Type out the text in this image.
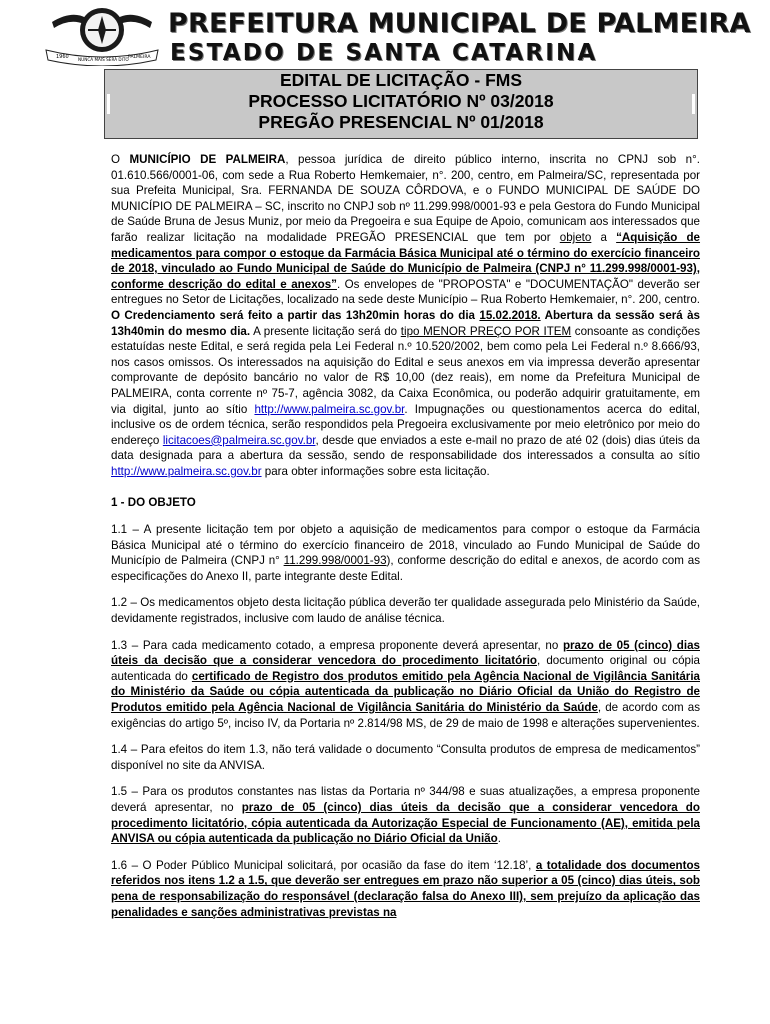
1960 NUNCA MAIS SERÁ DITO PALMEIRA
PREFEITURA MUNICIPAL DE PALMEIRA
ESTADO DE SANTA CATARINA
EDITAL DE LICITAÇÃO - FMS
PROCESSO LICITATÓRIO Nº 03/2018
PREGÃO PRESENCIAL Nº 01/2018

O MUNICÍPIO DE PALMEIRA, pessoa jurídica de direito público interno, inscrita no CPNJ sob n°. 01.610.566/0001-06, com sede a Rua Roberto Hemkemaier, n°. 200, centro, em Palmeira/SC, representada por sua Prefeita Municipal, Sra. FERNANDA DE SOUZA CÔRDOVA, e o FUNDO MUNICIPAL DE SAÚDE DO MUNICÍPIO DE PALMEIRA – SC, inscrito no CNPJ sob nº 11.299.998/0001-93 e pela Gestora do Fundo Municipal de Saúde Bruna de Jesus Muniz, por meio da Pregoeira e sua Equipe de Apoio, comunicam aos interessados que farão realizar licitação na modalidade PREGÃO PRESENCIAL que tem por objeto a “Aquisição de medicamentos para compor o estoque da Farmácia Básica Municipal até o término do exercício financeiro de 2018, vinculado ao Fundo Municipal de Saúde do Município de Palmeira (CNPJ n° 11.299.998/0001-93), conforme descrição do edital e anexos”. Os envelopes de "PROPOSTA" e "DOCUMENTAÇÃO" deverão ser entregues no Setor de Licitações, localizado na sede deste Município – Rua Roberto Hemkemaier, n°. 200, centro. O Credenciamento será feito a partir das 13h20min horas do dia 15.02.2018. Abertura da sessão será às 13h40min do mesmo dia. A presente licitação será do tipo MENOR PREÇO POR ITEM consoante as condições estatuídas neste Edital, e será regida pela Lei Federal n.º 10.520/2002, bem como pela Lei Federal n.º 8.666/93, nos casos omissos. Os interessados na aquisição do Edital e seus anexos em via impressa deverão apresentar comprovante de depósito bancário no valor de R$ 10,00 (dez reais), em nome da Prefeitura Municipal de PALMEIRA, conta corrente nº 75-7, agência 3082, da Caixa Econômica, ou poderão adquirir gratuitamente, em via digital, junto ao sítio http://www.palmeira.sc.gov.br. Impugnações ou questionamentos acerca do edital, inclusive os de ordem técnica, serão respondidos pela Pregoeira exclusivamente por meio eletrônico por meio do endereço licitacoes@palmeira.sc.gov.br, desde que enviados a este e-mail no prazo de até 02 (dois) dias úteis da data designada para a abertura da sessão, sendo de responsabilidade dos interessados a consulta ao sítio http://www.palmeira.sc.gov.br para obter informações sobre esta licitação.

1 - DO OBJETO

1.1 – A presente licitação tem por objeto a aquisição de medicamentos para compor o estoque da Farmácia Básica Municipal até o término do exercício financeiro de 2018, vinculado ao Fundo Municipal de Saúde do Município de Palmeira (CNPJ n° 11.299.998/0001-93), conforme descrição do edital e anexos, de acordo com as especificações do Anexo II, parte integrante deste Edital.

1.2 – Os medicamentos objeto desta licitação pública deverão ter qualidade assegurada pelo Ministério da Saúde, devidamente registrados, inclusive com laudo de análise técnica.

1.3 – Para cada medicamento cotado, a empresa proponente deverá apresentar, no prazo de 05 (cinco) dias úteis da decisão que a considerar vencedora do procedimento licitatório, documento original ou cópia autenticada do certificado de Registro dos produtos emitido pela Agência Nacional de Vigilância Sanitária do Ministério da Saúde ou cópia autenticada da publicação no Diário Oficial da União do Registro de Produtos emitido pela Agência Nacional de Vigilância Sanitária do Ministério da Saúde, de acordo com as exigências do artigo 5º, inciso IV, da Portaria nº 2.814/98 MS, de 29 de maio de 1998 e alterações supervenientes.

1.4 – Para efeitos do item 1.3, não terá validade o documento “Consulta produtos de empresa de medicamentos” disponível no site da ANVISA.

1.5 – Para os produtos constantes nas listas da Portaria nº 344/98 e suas atualizações, a empresa proponente deverá apresentar, no prazo de 05 (cinco) dias úteis da decisão que a considerar vencedora do procedimento licitatório, cópia autenticada da Autorização Especial de Funcionamento (AE), emitida pela ANVISA ou cópia autenticada da publicação no Diário Oficial da União.

1.6 – O Poder Público Municipal solicitará, por ocasião da fase do item ‘12.18’, a totalidade dos documentos referidos nos itens 1.2 a 1.5, que deverão ser entregues em prazo não superior a 05 (cinco) dias úteis, sob pena de responsabilização do responsável (declaração falsa do Anexo III), sem prejuízo da aplicação das penalidades e sanções administrativas previstas na
